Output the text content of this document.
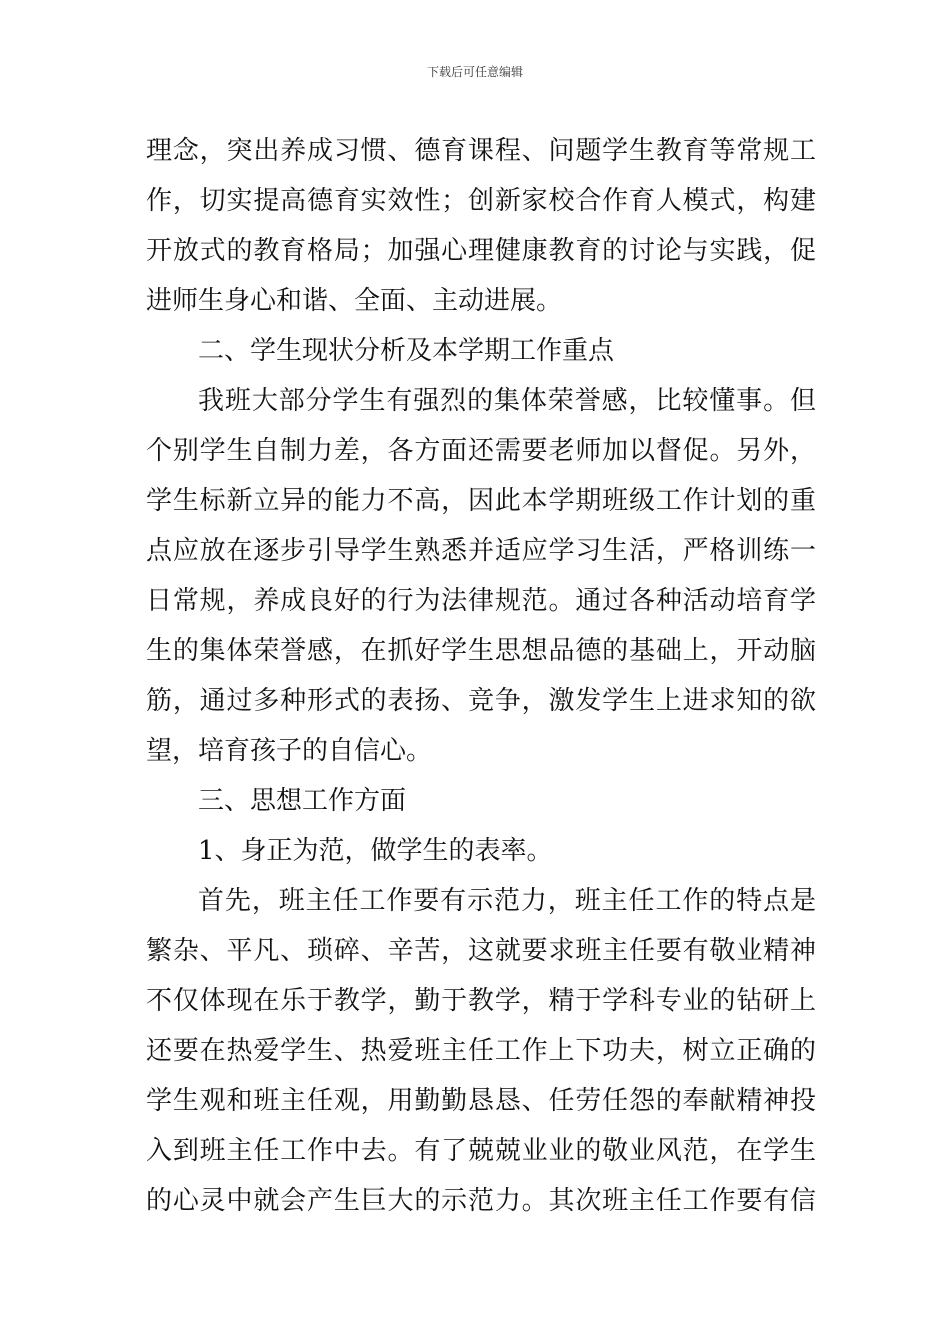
下载后可任意编辑
理念，突出养成习惯、德育课程、问题学生教育等常规工
作，切实提高德育实效性；创新家校合作育人模式，构建
开放式的教育格局；加强心理健康教育的讨论与实践，促
进师生身心和谐、全面、主动进展。
二、学生现状分析及本学期工作重点
我班大部分学生有强烈的集体荣誉感，比较懂事。但
个别学生自制力差，各方面还需要老师加以督促。另外，
学生标新立异的能力不高，因此本学期班级工作计划的重
点应放在逐步引导学生熟悉并适应学习生活，严格训练一
日常规，养成良好的行为法律规范。通过各种活动培育学
生的集体荣誉感，在抓好学生思想品德的基础上，开动脑
筋，通过多种形式的表扬、竞争，激发学生上进求知的欲
望，培育孩子的自信心。
三、思想工作方面
1、身正为范，做学生的表率。
首先，班主任工作要有示范力，班主任工作的特点是
繁杂、平凡、琐碎、辛苦，这就要求班主任要有敬业精神
不仅体现在乐于教学，勤于教学，精于学科专业的钻研上
还要在热爱学生、热爱班主任工作上下功夫，树立正确的
学生观和班主任观，用勤勤恳恳、任劳任怨的奉献精神投
入到班主任工作中去。有了兢兢业业的敬业风范，在学生
的心灵中就会产生巨大的示范力。其次班主任工作要有信
